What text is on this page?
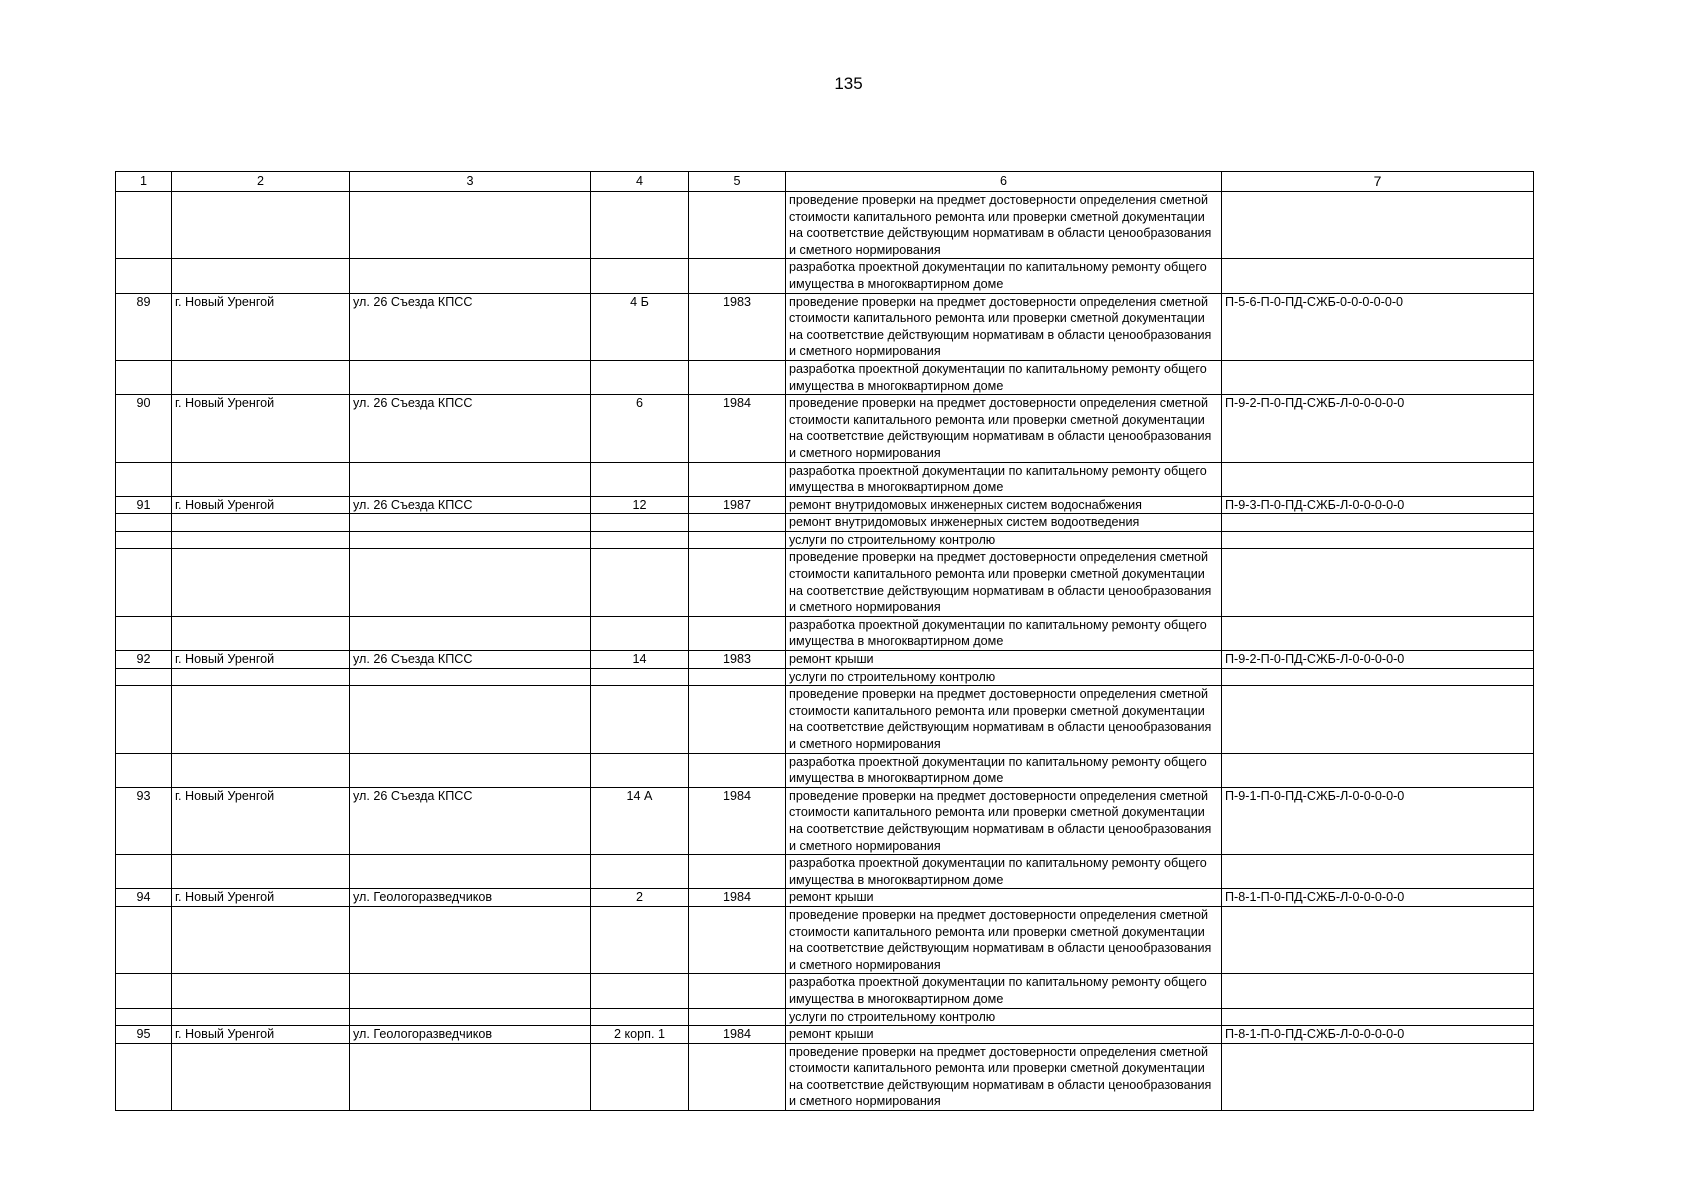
135
1	2	3	4	5	6	7
					проведение проверки на предмет достоверности определения сметной стоимости капитального ремонта или проверки сметной документации на соответствие действующим нормативам в области ценообразования и сметного нормирования	
					разработка проектной документации по капитальному ремонту общего имущества в многоквартирном доме	
89	г. Новый Уренгой	ул. 26 Съезда КПСС	4 Б	1983	проведение проверки на предмет достоверности определения сметной стоимости капитального ремонта или проверки сметной документации на соответствие действующим нормативам в области ценообразования и сметного нормирования	П-5-6-П-0-ПД-СЖБ-0-0-0-0-0-0
					разработка проектной документации по капитальному ремонту общего имущества в многоквартирном доме	
90	г. Новый Уренгой	ул. 26 Съезда КПСС	6	1984	проведение проверки на предмет достоверности определения сметной стоимости капитального ремонта или проверки сметной документации на соответствие действующим нормативам в области ценообразования и сметного нормирования	П-9-2-П-0-ПД-СЖБ-Л-0-0-0-0-0
					разработка проектной документации по капитальному ремонту общего имущества в многоквартирном доме	
91	г. Новый Уренгой	ул. 26 Съезда КПСС	12	1987	ремонт внутридомовых инженерных систем водоснабжения	П-9-3-П-0-ПД-СЖБ-Л-0-0-0-0-0
					ремонт внутридомовых инженерных систем водоотведения	
					услуги по строительному контролю	
					проведение проверки на предмет достоверности определения сметной стоимости капитального ремонта или проверки сметной документации на соответствие действующим нормативам в области ценообразования и сметного нормирования	
					разработка проектной документации по капитальному ремонту общего имущества в многоквартирном доме	
92	г. Новый Уренгой	ул. 26 Съезда КПСС	14	1983	ремонт крыши	П-9-2-П-0-ПД-СЖБ-Л-0-0-0-0-0
					услуги по строительному контролю	
					проведение проверки на предмет достоверности определения сметной стоимости капитального ремонта или проверки сметной документации на соответствие действующим нормативам в области ценообразования и сметного нормирования	
					разработка проектной документации по капитальному ремонту общего имущества в многоквартирном доме	
93	г. Новый Уренгой	ул. 26 Съезда КПСС	14 А	1984	проведение проверки на предмет достоверности определения сметной стоимости капитального ремонта или проверки сметной документации на соответствие действующим нормативам в области ценообразования и сметного нормирования	П-9-1-П-0-ПД-СЖБ-Л-0-0-0-0-0
					разработка проектной документации по капитальному ремонту общего имущества в многоквартирном доме	
94	г. Новый Уренгой	ул. Геологоразведчиков	2	1984	ремонт крыши	П-8-1-П-0-ПД-СЖБ-Л-0-0-0-0-0
					проведение проверки на предмет достоверности определения сметной стоимости капитального ремонта или проверки сметной документации на соответствие действующим нормативам в области ценообразования и сметного нормирования	
					разработка проектной документации по капитальному ремонту общего имущества в многоквартирном доме	
					услуги по строительному контролю	
95	г. Новый Уренгой	ул. Геологоразведчиков	2 корп. 1	1984	ремонт крыши	П-8-1-П-0-ПД-СЖБ-Л-0-0-0-0-0
					проведение проверки на предмет достоверности определения сметной стоимости капитального ремонта или проверки сметной документации на соответствие действующим нормативам в области ценообразования и сметного нормирования	
